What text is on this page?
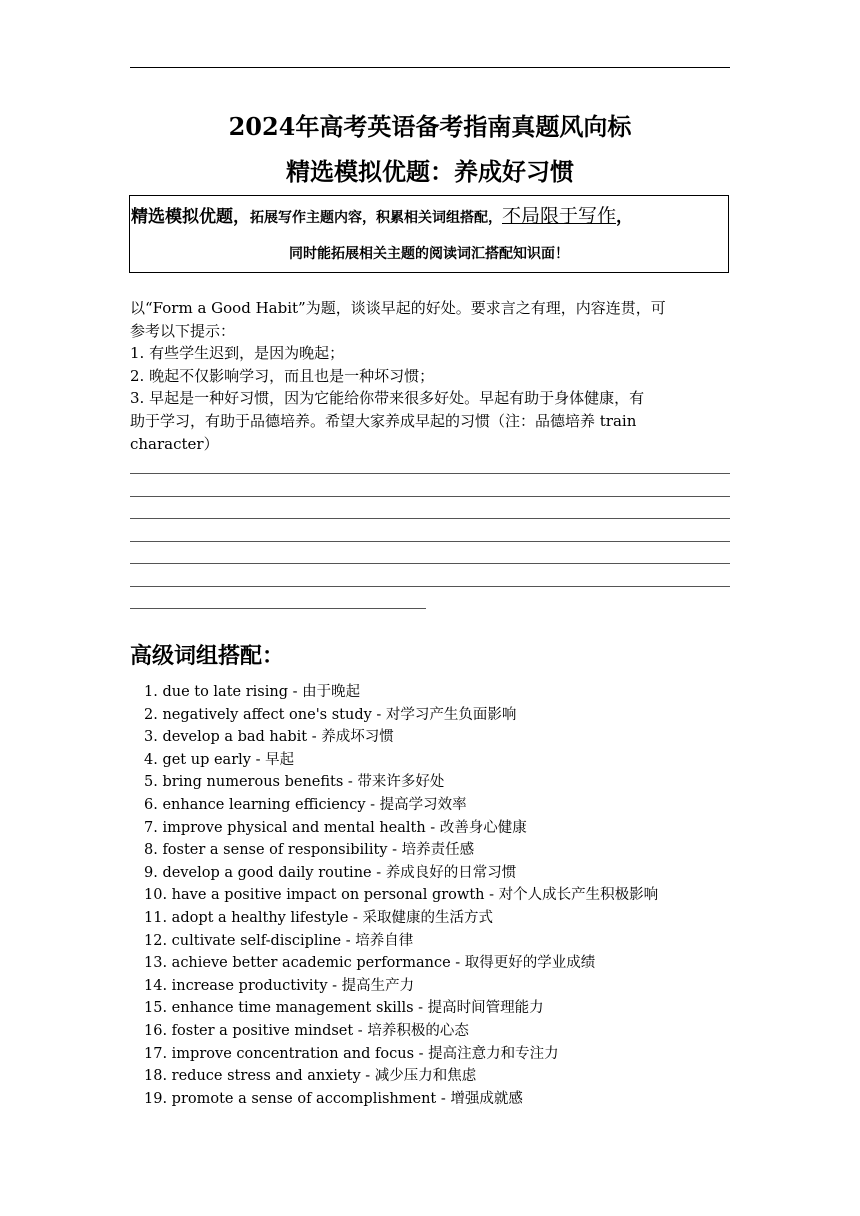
2024年高考英语备考指南真题风向标
精选模拟优题：养成好习惯
精选模拟优题，拓展写作主题内容，积累相关词组搭配，不局限于写作，
同时能拓展相关主题的阅读词汇搭配知识面！
以“Form a Good Habit”为题，谈谈早起的好处。要求言之有理，内容连贯，可
参考以下提示：
1. 有些学生迟到，是因为晚起；
2. 晚起不仅影响学习，而且也是一种坏习惯；
3. 早起是一种好习惯，因为它能给你带来很多好处。早起有助于身体健康，有
助于学习，有助于品德培养。希望大家养成早起的习惯（注：品德培养 train
character）
高级词组搭配：
1. due to late rising - 由于晚起
2. negatively affect one's study - 对学习产生负面影响
3. develop a bad habit - 养成坏习惯
4. get up early - 早起
5. bring numerous benefits - 带来许多好处
6. enhance learning efficiency - 提高学习效率
7. improve physical and mental health - 改善身心健康
8. foster a sense of responsibility - 培养责任感
9. develop a good daily routine - 养成良好的日常习惯
10. have a positive impact on personal growth - 对个人成长产生积极影响
11. adopt a healthy lifestyle - 采取健康的生活方式
12. cultivate self-discipline - 培养自律
13. achieve better academic performance - 取得更好的学业成绩
14. increase productivity - 提高生产力
15. enhance time management skills - 提高时间管理能力
16. foster a positive mindset - 培养积极的心态
17. improve concentration and focus - 提高注意力和专注力
18. reduce stress and anxiety - 减少压力和焦虑
19. promote a sense of accomplishment - 增强成就感
